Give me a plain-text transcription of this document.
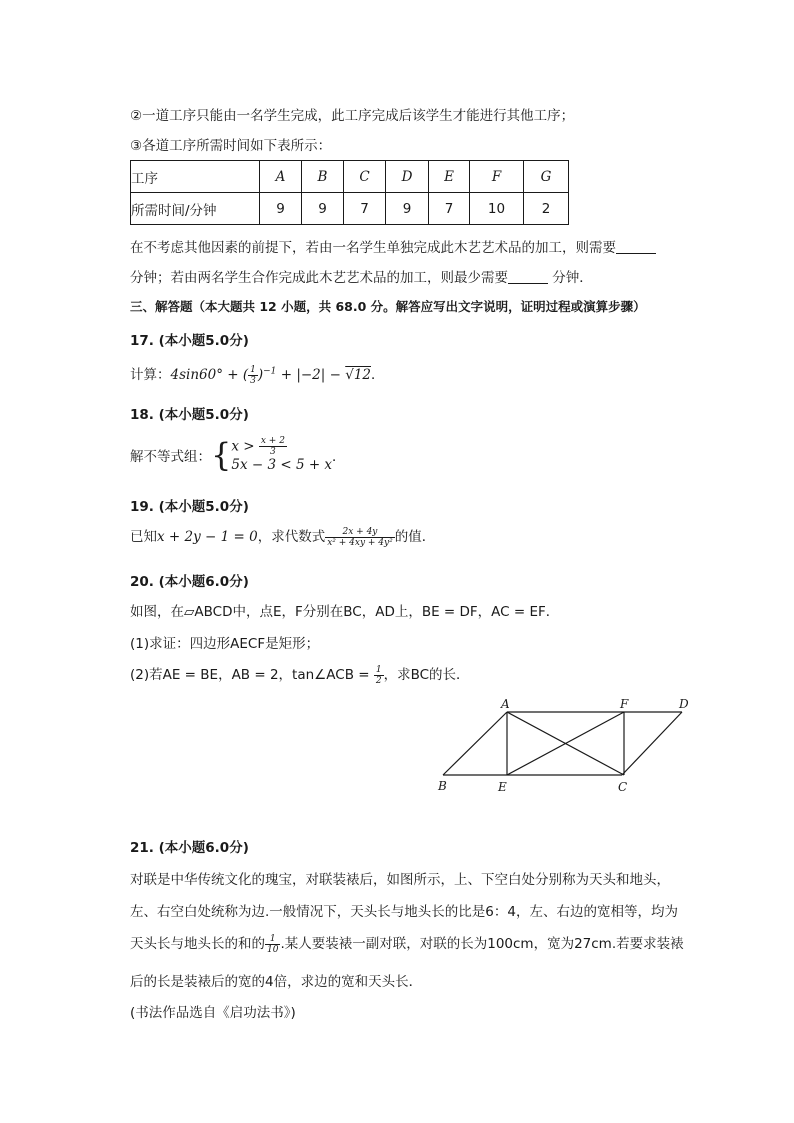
②一道工序只能由一名学生完成，此工序完成后该学生才能进行其他工序；
③各道工序所需时间如下表所示：
工序	A	B	C	D	E	F	G
所需时间/分钟	9	9	7	9	7	10	2
在不考虑其他因素的前提下，若由一名学生单独完成此木艺艺术品的加工，则需要
分钟；若由两名学生合作完成此木艺艺术品的加工，则最少需要	分钟．
三、解答题（本大题共 12 小题，共 68.0 分。解答应写出文字说明，证明过程或演算步骤）
17. (本小题5.0分)
计算：4sin60° + ( $\frac{1}{3} )^{-1} + |-2| - √12$．
18. (本小题5.0分)
解不等式组：{ $x > \frac{x + 2}{3}$
5x − 3 < 5 + x ．
19. (本小题5.0分)
已知x + 2y − 1 = 0，求代数式 $\frac{2x + 4y}{\text{x² + 4xy + 4y²}}$ 的值．
20. (本小题6.0分)
如图，在▱ABCD中，点E，F分别在BC，AD上，BE = DF，AC = EF．
(1)求证：四边形AECF是矩形；
(2)若AE = BE，AB = 2，tan∠ACB = $\frac{1}{2}$ ，求BC的长．
A	F	D
B	E	C
21. (本小题6.0分)
对联是中华传统文化的瑰宝，对联装裱后，如图所示，上、下空白处分别称为天头和地头，
左、右空白处统称为边.一般情况下，天头长与地头长的比是6：4，左、右边的宽相等，均为
天头长与地头长的和的 $\frac{1}{10}$ .某人要装裱一副对联，对联的长为100cm，宽为27cm.若要求装裱
后的长是装裱后的宽的4倍，求边的宽和天头长．
(书法作品选自《启功法书》)
